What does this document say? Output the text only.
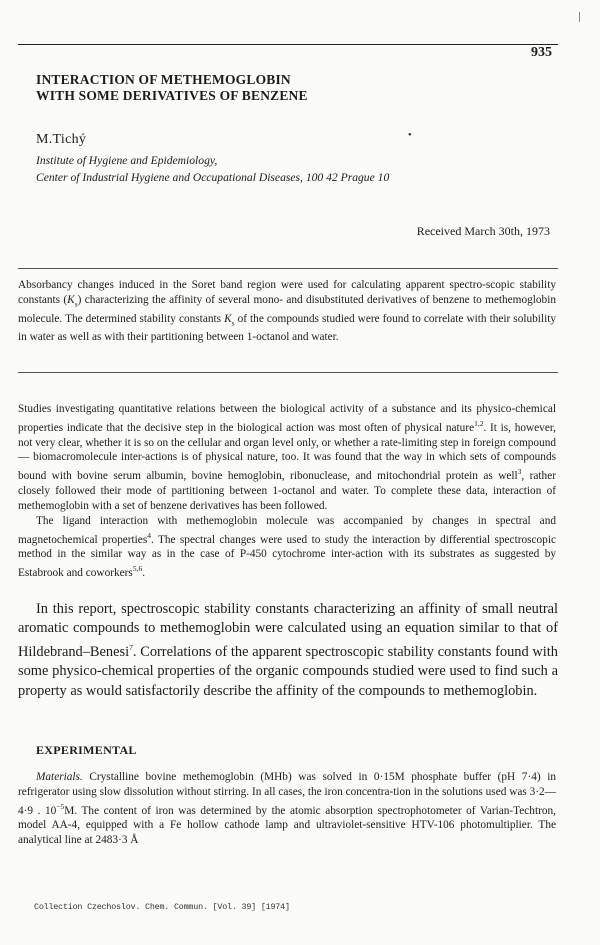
935
INTERACTION OF METHEMOGLOBIN
WITH SOME DERIVATIVES OF BENZENE
M.Tichý	•
Institute of Hygiene and Epidemiology,
Center of Industrial Hygiene and Occupational Diseases, 100 42 Prague 10
Received March 30th, 1973
Absorbancy changes induced in the Soret band region were used for calculating apparent spectro-scopic stability constants $(K_s)$ characterizing the affinity of several mono- and disubstituted derivatives of benzene to methemoglobin molecule. The determined stability constants $K_s$ of the compounds studied were found to correlate with their solubility in water as well as with their partitioning between 1-octanol and water.

Studies investigating quantitative relations between the biological activity of a substance and its physico-chemical properties indicate that the decisive step in the biological action was most often of physical nature$^{1,2}$. It is, however, not very clear, whether it is so on the cellular and organ level only, or whether a rate-limiting step in foreign compound — biomacromolecule inter-actions is of physical nature, too. It was found that the way in which sets of compounds bound with bovine serum albumin, bovine hemoglobin, ribonuclease, and mitochondrial protein as well$^3$, rather closely followed their mode of partitioning between 1-octanol and water. To complete these data, interaction of methemoglobin with a set of benzene derivatives has been followed.

The ligand interaction with methemoglobin molecule was accompanied by changes in spectral and magnetochemical properties$^4$. The spectral changes were used to study the interaction by differential spectroscopic method in the similar way as in the case of P-450 cytochrome inter-action with its substrates as suggested by Estabrook and coworkers$^{5,6}$.

In this report, spectroscopic stability constants characterizing an affinity of small neutral aromatic compounds to methemoglobin were calculated using an equation similar to that of Hildebrand–Benesi$^7$. Correlations of the apparent spectroscopic stability constants found with some physico-chemical properties of the organic compounds studied were used to find such a property as would satisfactorily describe the affinity of the compounds to methemoglobin.

EXPERIMENTAL

Materials. Crystalline bovine methemoglobin (MHb) was solved in 0·15M phosphate buffer (pH 7·4) in refrigerator using slow dissolution without stirring. In all cases, the iron concentra-tion in the solutions used was 3·2—4·9 . $10^{-5}M$. The content of iron was determined by the atomic absorption spectrophotometer of Varian-Techtron, model AA-4, equipped with a Fe hollow cathode lamp and ultraviolet-sensitive HTV-106 photomultiplier. The analytical line at 2483·3 Å

Collection Czechoslov. Chem. Commun. [Vol. 39] [1974]
